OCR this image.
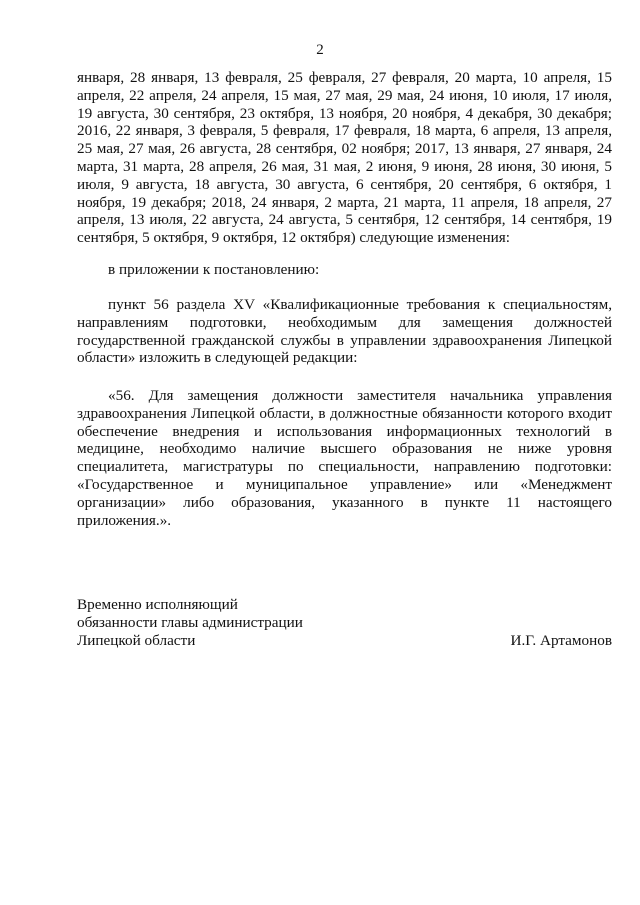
2

января, 28 января, 13 февраля, 25 февраля, 27 февраля, 20 марта, 10 апреля, 15 апреля, 22 апреля, 24 апреля, 15 мая, 27 мая, 29 мая, 24 июня, 10 июля, 17 июля, 19 августа, 30 сентября, 23 октября, 13 ноября, 20 ноября, 4 декабря, 30 декабря; 2016, 22 января, 3 февраля, 5 февраля, 17 февраля, 18 марта, 6 апреля, 13 апреля, 25 мая, 27 мая, 26 августа, 28 сентября, 02 ноября; 2017, 13 января, 27 января, 24 марта, 31 марта, 28 апреля, 26 мая, 31 мая, 2 июня, 9 июня, 28 июня, 30 июня, 5 июля, 9 августа, 18 августа, 30 августа, 6 сентября, 20 сентября, 6 октября, 1 ноября, 19 декабря; 2018, 24 января, 2 марта, 21 марта, 11 апреля, 18 апреля, 27 апреля, 13 июля, 22 августа, 24 августа, 5 сентября, 12 сентября, 14 сентября, 19 сентября, 5 октября, 9 октября, 12 октября) следующие изменения:

в приложении к постановлению:

пункт 56 раздела XV «Квалификационные требования к специальностям, направлениям подготовки, необходимым для замещения должностей государственной гражданской службы в управлении здравоохранения Липецкой области» изложить в следующей редакции:

«56. Для замещения должности заместителя начальника управления здравоохранения Липецкой области, в должностные обязанности которого входит обеспечение внедрения и использования информационных технологий в медицине, необходимо наличие высшего образования не ниже уровня специалитета, магистратуры по специальности, направлению подготовки: «Государственное и муниципальное управление» или «Менеджмент организации» либо образования, указанного в пункте 11 настоящего приложения.».

Временно исполняющий
обязанности главы администрации
Липецкой области	И.Г. Артамонов
